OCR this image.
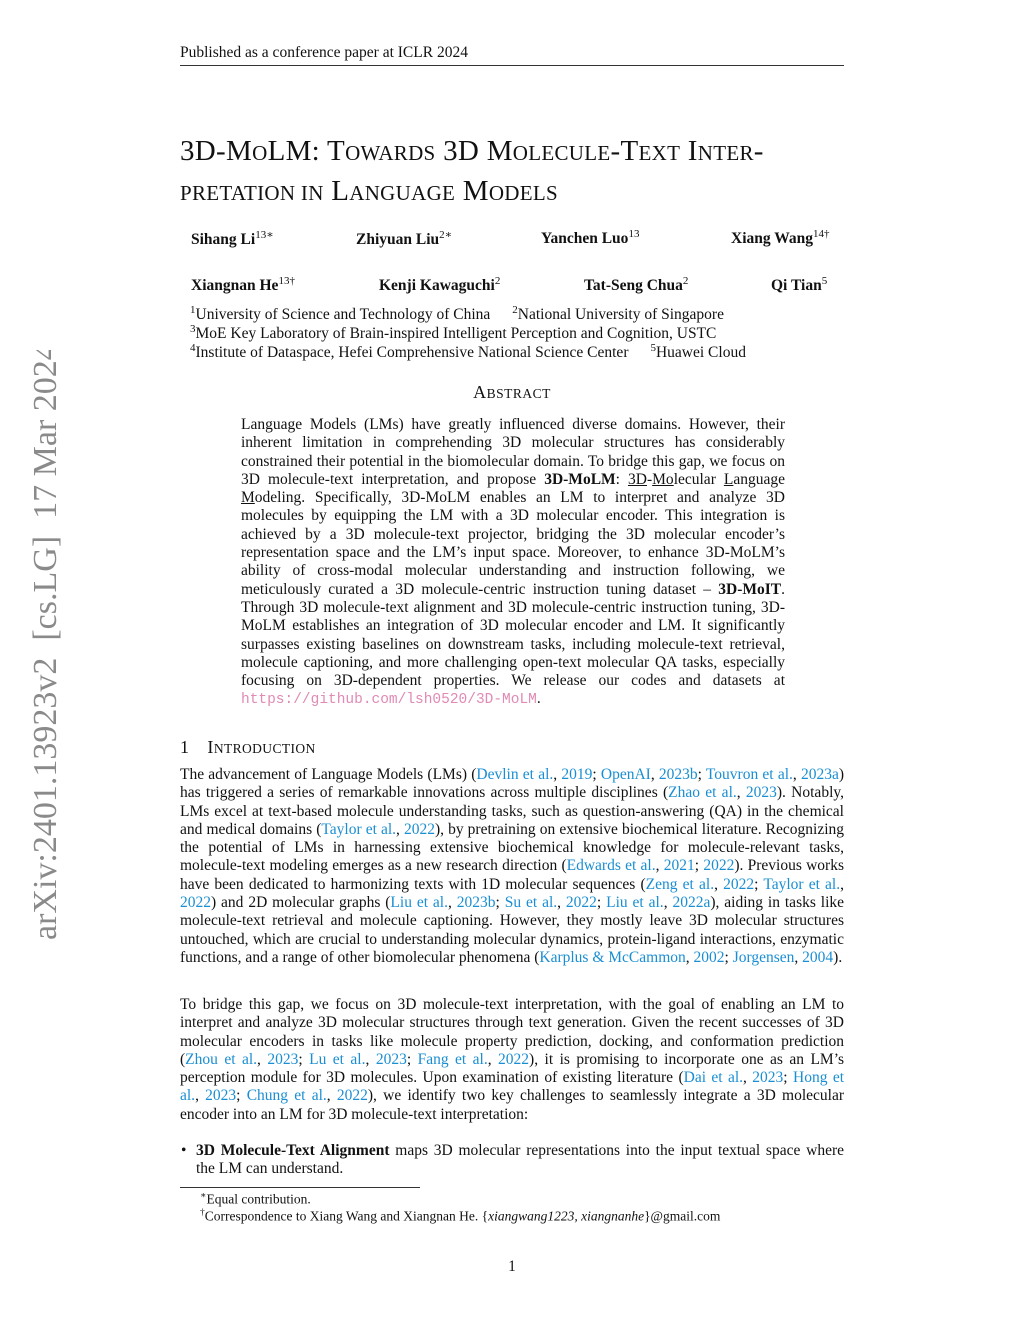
Published as a conference paper at ICLR 2024
arXiv:2401.13923v2  [cs.LG]  17 Mar 2024
3D-MOLM: TOWARDS 3D MOLECULE-TEXT INTER-
PRETATION IN LANGUAGE MODELS
Sihang $Li^{13∗}$	Zhiyuan Liu$^{2∗}$	Yanchen Luo$^{13}$	Xiang Wang$^{14\dagger}$
Xiangnan $He^{13\dagger}$	Kenji Kawaguchi$^2$	Tat-Seng Chua$^2$	Qi Tian$^5$
$^1$University of Science and Technology of China $^2$National University of Singapore
$^3$MoE Key Laboratory of Brain-inspired Intelligent Perception and Cognition, USTC
$^4$Institute of Dataspace, Hefei Comprehensive National Science Center $^5$Huawei Cloud
ABSTRACT
Language Models (LMs) have greatly influenced diverse domains. However, their inherent limitation in comprehending 3D molecular structures has considerably constrained their potential in the biomolecular domain. To bridge this gap, we focus on 3D molecule-text interpretation, and propose 3D-MoLM: 3D-Molecular Language Modeling. Specifically, 3D-MoLM enables an LM to interpret and analyze 3D molecules by equipping the LM with a 3D molecular encoder. This integration is achieved by a 3D molecule-text projector, bridging the 3D molecular encoder’s representation space and the LM’s input space. Moreover, to enhance 3D-MoLM’s ability of cross-modal molecular understanding and instruction following, we meticulously curated a 3D molecule-centric instruction tuning dataset – 3D-MoIT. Through 3D molecule-text alignment and 3D molecule-centric instruction tuning, 3D-MoLM establishes an integration of 3D molecular encoder and LM. It significantly surpasses existing baselines on downstream tasks, including molecule-text retrieval, molecule captioning, and more challenging open-text molecular QA tasks, especially focusing on 3D-dependent properties. We release our codes and datasets at https://github.com/lsh0520/3D-MoLM.
1 INTRODUCTION
The advancement of Language Models (LMs) (Devlin et al., 2019; OpenAI, 2023b; Touvron et al., 2023a) has triggered a series of remarkable innovations across multiple disciplines (Zhao et al., 2023). Notably, LMs excel at text-based molecule understanding tasks, such as question-answering (QA) in the chemical and medical domains (Taylor et al., 2022), by pretraining on extensive biochemical literature. Recognizing the potential of LMs in harnessing extensive biochemical knowledge for molecule-relevant tasks, molecule-text modeling emerges as a new research direction (Edwards et al., 2021; 2022). Previous works have been dedicated to harmonizing texts with 1D molecular sequences (Zeng et al., 2022; Taylor et al., 2022) and 2D molecular graphs (Liu et al., 2023b; Su et al., 2022; Liu et al., 2022a), aiding in tasks like molecule-text retrieval and molecule captioning. However, they mostly leave 3D molecular structures untouched, which are crucial to understanding molecular dynamics, protein-ligand interactions, enzymatic functions, and a range of other biomolecular phenomena (Karplus & McCammon, 2002; Jorgensen, 2004).
To bridge this gap, we focus on 3D molecule-text interpretation, with the goal of enabling an LM to interpret and analyze 3D molecular structures through text generation. Given the recent successes of 3D molecular encoders in tasks like molecule property prediction, docking, and conformation prediction (Zhou et al., 2023; Lu et al., 2023; Fang et al., 2022), it is promising to incorporate one as an LM’s perception module for 3D molecules. Upon examination of existing literature (Dai et al., 2023; Hong et al., 2023; Chung et al., 2022), we identify two key challenges to seamlessly integrate a 3D molecular encoder into an LM for 3D molecule-text interpretation:
• 3D Molecule-Text Alignment maps 3D molecular representations into the input textual space where the LM can understand.
∗Equal contribution.
†Correspondence to Xiang Wang and Xiangnan He. {xiangwang1223, xiangnanhe}@gmail.com
1
